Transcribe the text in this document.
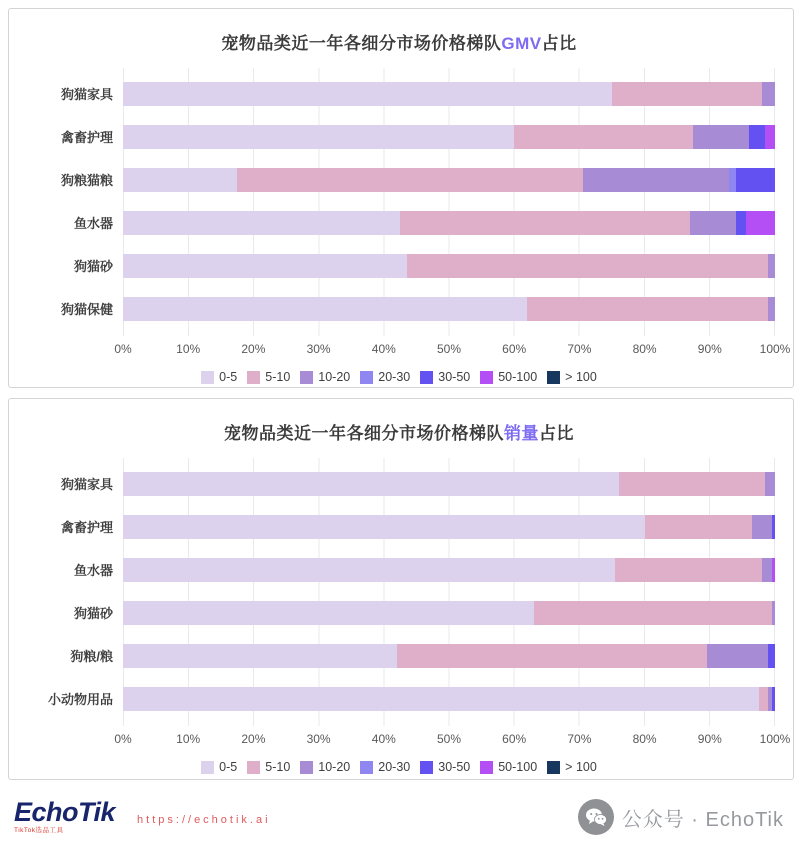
宠物品类近一年各细分市场价格梯队GMV占比
狗猫家具
禽畜护理
狗粮猫粮
鱼水器
狗猫砂
狗猫保健
0%	10%	20%	30%	40%	50%	60%	70%	80%	90%	100%
0-5 5-10 10-20 20-30 30-50 50-100 > 100
宠物品类近一年各细分市场价格梯队销量占比
狗猫家具
禽畜护理
鱼水器
狗猫砂
狗粮/粮
小动物用品
0%	10%	20%	30%	40%	50%	60%	70%	80%	90%	100%
0-5 5-10 10-20 20-30 30-50 50-100 > 100
EchoTik
TikTok选品工具
https://echotik.ai	公众号 · EchoTik
